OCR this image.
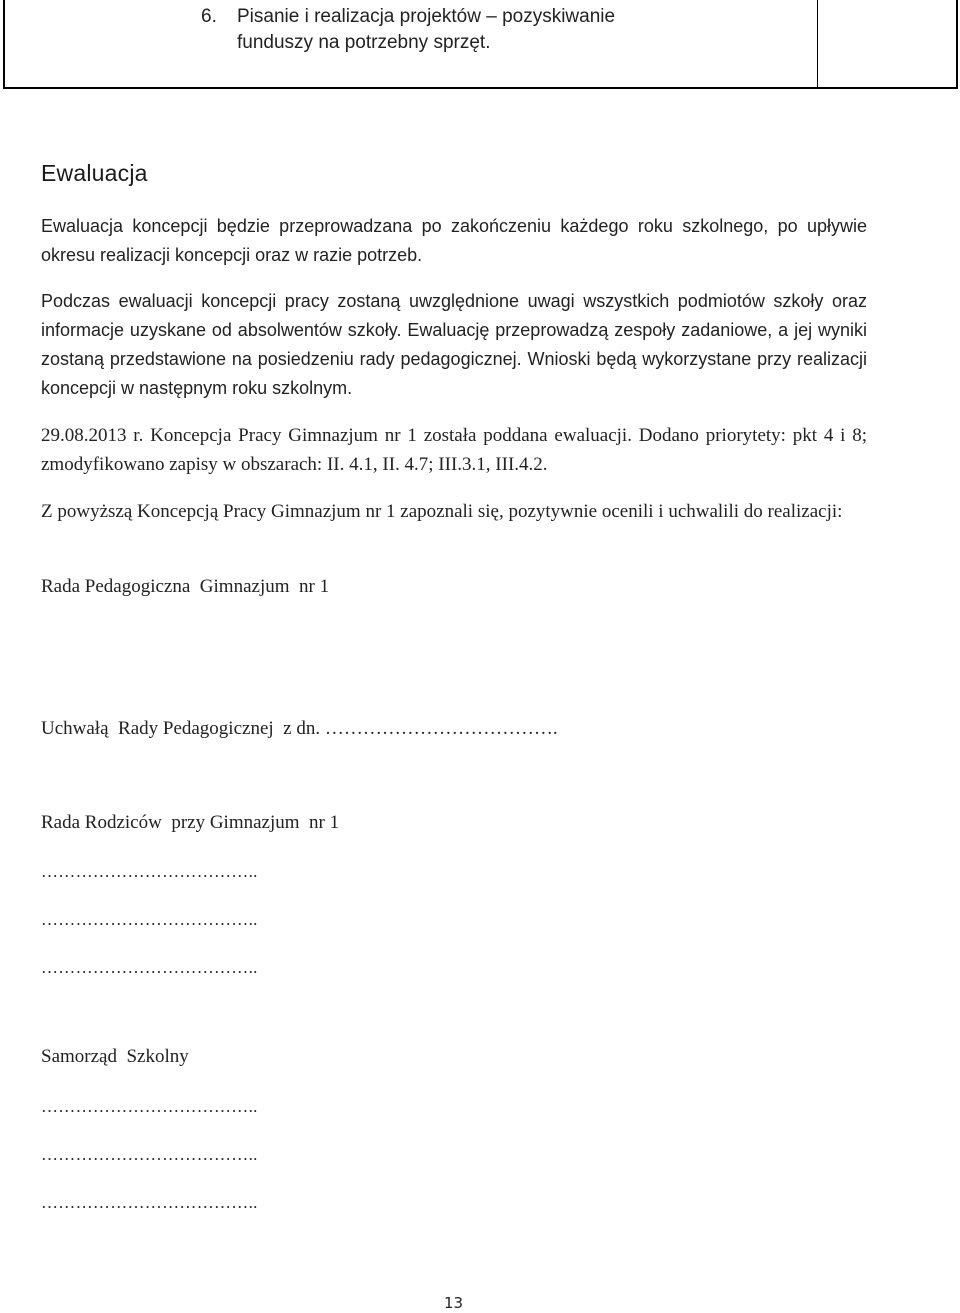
6. Pisanie i realizacja projektów – pozyskiwanie
funduszy na potrzebny sprzęt.
Ewaluacja

Ewaluacja koncepcji będzie przeprowadzana po zakończeniu każdego roku szkolnego, po upływie okresu realizacji koncepcji oraz w razie potrzeb.

Podczas ewaluacji koncepcji pracy zostaną uwzględnione uwagi wszystkich podmiotów szkoły oraz informacje uzyskane od absolwentów szkoły. Ewaluację przeprowadzą zespoły zadaniowe, a jej wyniki zostaną przedstawione na posiedzeniu rady pedagogicznej. Wnioski będą wykorzystane przy realizacji koncepcji w następnym roku szkolnym.

29.08.2013 r. Koncepcja Pracy Gimnazjum nr 1 została poddana ewaluacji. Dodano priorytety: pkt 4 i 8; zmodyfikowano zapisy w obszarach: II. 4.1, II. 4.7; III.3.1, III.4.2.

Z powyższą Koncepcją Pracy Gimnazjum nr 1 zapoznali się, pozytywnie ocenili i uchwalili do realizacji:

Rada Pedagogiczna  Gimnazjum  nr 1

Uchwałą  Rady Pedagogicznej  z dn. ……………………………….

Rada Rodziców  przy Gimnazjum  nr 1

………………………………..
………………………………..
………………………………..

Samorząd  Szkolny

………………………………..
………………………………..
………………………………..
13
